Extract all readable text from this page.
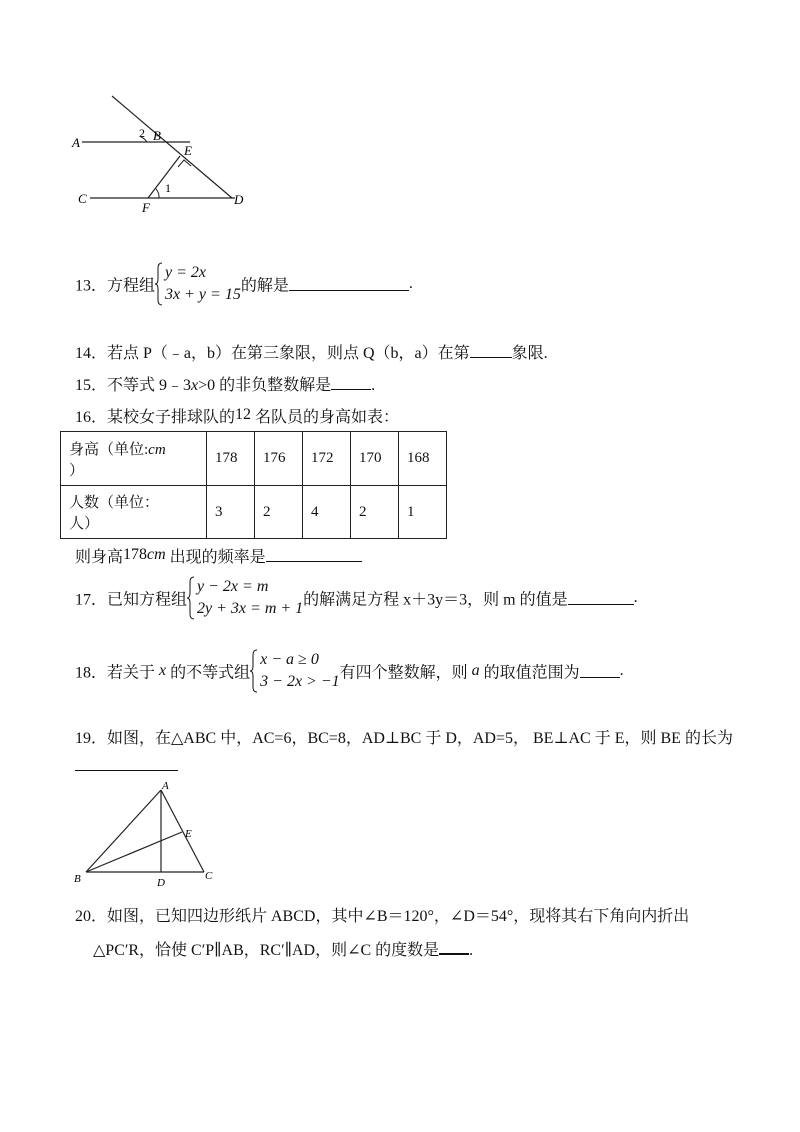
A
2 B
E
C
1
F
D
13．方程组
y = 2x
3x + y = 15 的解是	.
14．若点 P（﹣a，b）在第三象限，则点 Q（b，a）在第	象限.
15．不等式 9﹣3x>0 的非负整数解是	.
16．某校女子排球队的12 名队员的身高如表：
身高（单位:cm
）	178	176	172	170	168
人数（单位：
人）	3	2	4	2	1
则身高178cm 出现的频率是
17．已知方程组
y − 2x = m
2y + 3x = m + 1 的解满足方程 x＋3y＝3，则 m 的值是	.
18．若关于 x 的不等式组
x − a ≥ 0
3 − 2x > −1 有四个整数解，则 a 的取值范围为	.
19．如图，在△ABC 中，AC=6，BC=8，AD⊥BC 于 D，AD=5， BE⊥AC 于 E，则 BE 的长为
A
E
B	D
C
20．如图，已知四边形纸片 ABCD，其中∠B＝120°，∠D＝54°，现将其右下角向内折出
△PC′R，恰使 C′P∥AB，RC′∥AD，则∠C 的度数是 .
